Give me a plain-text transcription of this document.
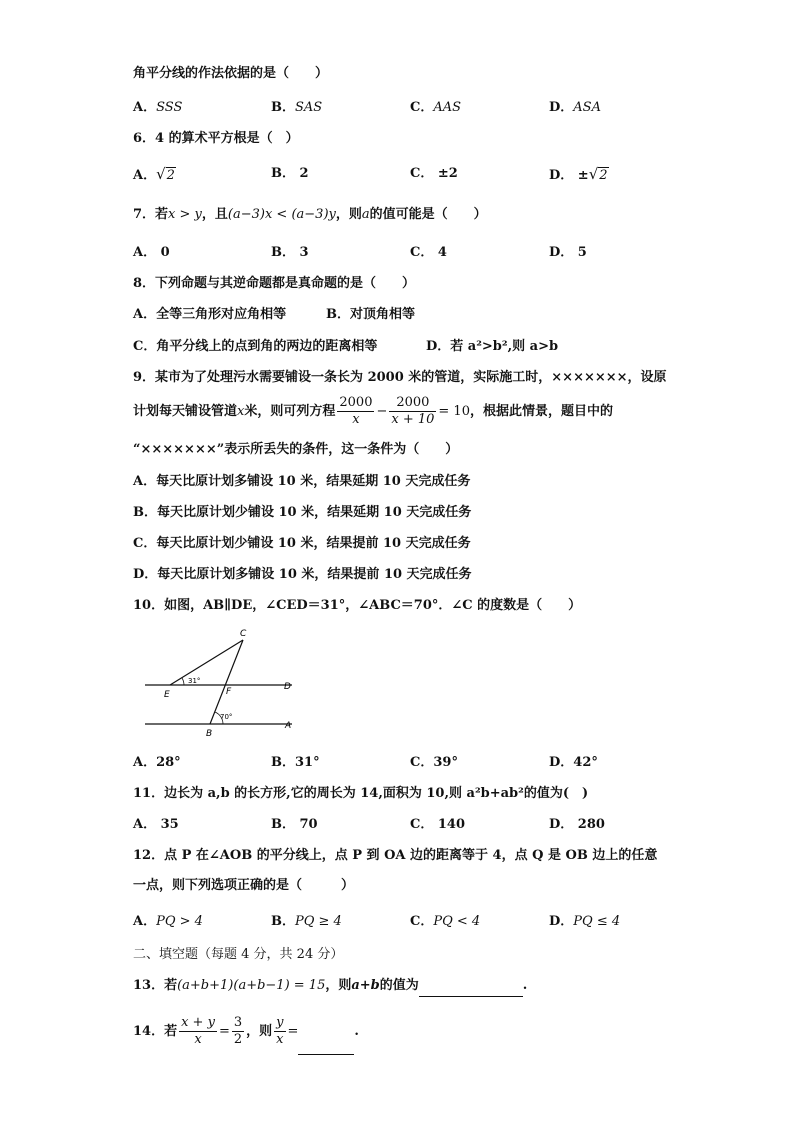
角平分线的作法依据的是（　　）
A．SSS	B．SAS	C．AAS	D．ASA
6．4 的算术平方根是（　）
A．√2	B． 2	C． ±2	D． ±√2
7．若x > y，且(a−3)x < (a−3)y，则a的值可能是（　　）
A． 0	B． 3	C． 4	D． 5
8．下列命题与其逆命题都是真命题的是（　　）
A．全等三角形对应角相等	B．对顶角相等
C．角平分线上的点到角的两边的距离相等	D．若 a²>b²,则 a>b
9．某市为了处理污水需要铺设一条长为 2000 米的管道，实际施工时，×××××××，设原
计划每天铺设管道x米，则可列方程 $\frac{2000}{x} - \frac{2000}{x + 10} = 10$，根据此情景，题目中的
“×××××××”表示所丢失的条件，这一条件为（　　）
A．每天比原计划多铺设 10 米，结果延期 10 天完成任务
B．每天比原计划少铺设 10 米，结果延期 10 天完成任务
C．每天比原计划少铺设 10 米，结果提前 10 天完成任务
D．每天比原计划多铺设 10 米，结果提前 10 天完成任务
10．如图，AB∥DE，∠CED＝31°，∠ABC＝70°．∠C 的度数是（　　）
C
E	F	D
B
A
31°
70°
A．28°	B．31°	C．39°	D．42°
11．边长为 a,b 的长方形,它的周长为 14,面积为 10,则 a²b+ab²的值为(　)
A． 35	B． 70	C． 140	D． 280
12．点 P 在∠AOB 的平分线上，点 P 到 OA 边的距离等于 4，点 Q 是 OB 边上的任意
一点，则下列选项正确的是（　　　）
A．PQ > 4	B．PQ ≥ 4	C．PQ < 4	D．PQ ≤ 4
二、填空题（每题 4 分，共 24 分）
13．若(a+b+1)(a+b−1) = 15，则a+b的值为	.
14．若 $\frac{x + y}{x} = \frac{3}{2}$ ，则 $\frac{y}{x}$ =	.
